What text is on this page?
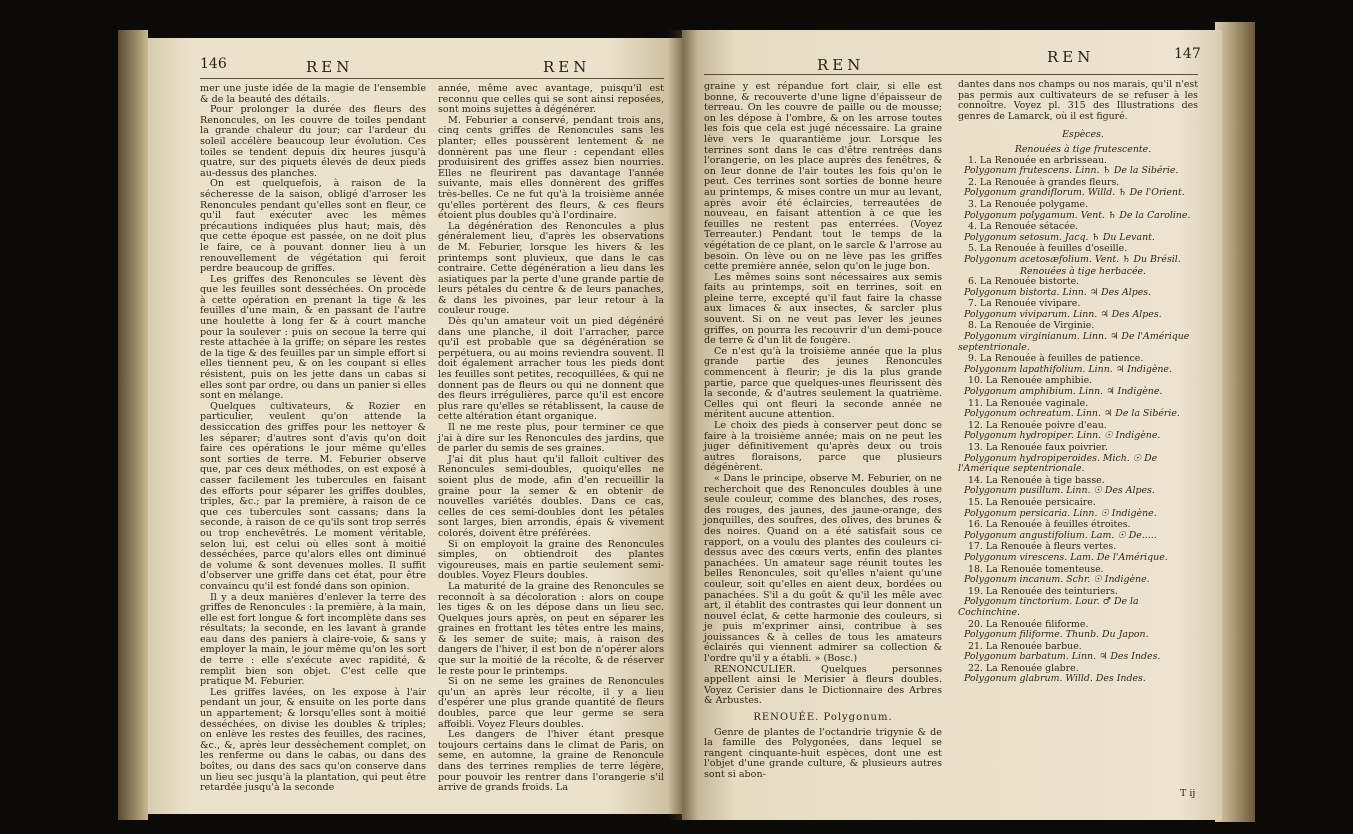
146	REN	REN

mer une juste idée de la magie de l'ensemble & de la beauté des détails.

Pour prolonger la durée des fleurs des Renoncules, on les couvre de toiles pendant la grande chaleur du jour; car l'ardeur du soleil accélère beaucoup leur évolution. Ces toiles se tendent depuis dix heures jusqu'à quatre, sur des piquets élevés de deux pieds au-dessus des planches.

On est quelquefois, à raison de la sécheresse de la saison, obligé d'arroser les Renoncules pendant qu'elles sont en fleur, ce qu'il faut exécuter avec les mêmes précautions indiquées plus haut; mais, dès que cette époque est passée, on ne doit plus le faire, ce à pouvant donner lieu à un renouvellement de végétation qui feroit perdre beaucoup de griffes.

Les griffes des Renoncules se lèvent dès que les feuilles sont desséchées. On procède à cette opération en prenant la tige & les feuilles d'une main, & en passant de l'autre une houlette à long fer & à court manche pour la soulever : puis on secoue la terre qui reste attachée à la griffe; on sépare les restes de la tige & des feuilles par un simple effort si elles tiennent peu, & on les coupant si elles résistent, puis on les jette dans un cabas si elles sont par ordre, ou dans un panier si elles sont en mélange.

Quelques cultivateurs, & Rozier en particulier, veulent qu'on attende la dessiccation des griffes pour les nettoyer & les séparer; d'autres sont d'avis qu'on doit faire ces opérations le jour même qu'elles sont sorties de terre. M. Feburier observe que, par ces deux méthodes, on est exposé à casser facilement les tubercules en faisant des efforts pour séparer les griffes doubles, triples, &c.; par la première, à raison de ce que ces tubercules sont cassans; dans la seconde, à raison de ce qu'ils sont trop serrés ou trop enchevêtrés. Le moment véritable, selon lui, est celui où elles sont à moitié desséchées, parce qu'alors elles ont diminué de volume & sont devenues molles. Il suffit d'observer une griffe dans cet état, pour être convaincu qu'il est fondé dans son opinion.

Il y a deux manières d'enlever la terre des griffes de Renoncules : la première, à la main, elle est fort longue & fort incomplète dans ses résultats; la seconde, en les lavant à grande eau dans des paniers à claire-voie, & sans y employer la main, le jour même qu'on les sort de terre : elle s'exécute avec rapidité, & remplit bien son objet. C'est celle que pratique M. Feburier.

Les griffes lavées, on les expose à l'air pendant un jour, & ensuite on les porte dans un appartement; & lorsqu'elles sont à moitié desséchées, on divise les doubles & triples; on enlève les restes des feuilles, des racines, &c., &, après leur dessèchement complet, on les renferme ou dans le cabas, ou dans des boîtes, ou dans des sacs qu'on conserve dans un lieu sec jusqu'à la plantation, qui peut être retardée jusqu'à la seconde

année, même avec avantage, puisqu'il est reconnu que celles qui se sont ainsi reposées, sont moins sujettes à dégénérer.

M. Feburier a conservé, pendant trois ans, cinq cents griffes de Renoncules sans les planter; elles poussèrent lentement & ne donnèrent pas une fleur : cependant elles produisirent des griffes assez bien nourries. Elles ne fleurirent pas davantage l'année suivante, mais elles donnèrent des griffes très-belles. Ce ne fut qu'à la troisième année qu'elles portèrent des fleurs, & ces fleurs étoient plus doubles qu'à l'ordinaire.

La dégénération des Renoncules a plus généralement lieu, d'après les observations de M. Feburier, lorsque les hivers & les printemps sont pluvieux, que dans le cas contraire. Cette dégénération a lieu dans les asiatiques par la perte d'une grande partie de leurs pétales du centre & de leurs panaches, & dans les pivoines, par leur retour à la couleur rouge.

Dès qu'un amateur voit un pied dégénéré dans une planche, il doit l'arracher, parce qu'il est probable que sa dégénération se perpétuera, ou au moins reviendra souvent. Il doit également arracher tous les pieds dont les feuilles sont petites, recoquillées, & qui ne donnent pas de fleurs ou qui ne donnent que des fleurs irrégulières, parce qu'il est encore plus rare qu'elles se rétablissent, la cause de cette altération étant organique.

Il ne me reste plus, pour terminer ce que j'ai à dire sur les Renoncules des jardins, que de parler du semis de ses graines.

J'ai dit plus haut qu'il falloit cultiver des Renoncules semi-doubles, quoiqu'elles ne soient plus de mode, afin d'en recueillir la graine pour la semer & en obtenir de nouvelles variétés doubles. Dans ce cas, celles de ces semi-doubles dont les pétales sont larges, bien arrondis, épais & vivement colorés, doivent être préférées.

Si on employoit la graine des Renoncules simples, on obtiendroit des plantes vigoureuses, mais en partie seulement semi-doubles. Voyez Fleurs doubles.

La maturité de la graine des Renoncules se reconnoît à sa décoloration : alors on coupe les tiges & on les dépose dans un lieu sec. Quelques jours après, on peut en séparer les graines en frottant les têtes entre les mains, & les semer de suite; mais, à raison des dangers de l'hiver, il est bon de n'opérer alors que sur la moitié de la récolte, & de réserver le reste pour le printemps.

Si on ne seme les graines de Renoncules qu'un an après leur récolte, il y a lieu d'espérer une plus grande quantité de fleurs doubles, parce que leur germe se sera affoibli. Voyez Fleurs doubles.

Les dangers de l'hiver étant presque toujours certains dans le climat de Paris, on seme, en automne, la graine de Renoncule dans des terrines remplies de terre légère, pour pouvoir les rentrer dans l'orangerie s'il arrive de grands froids. La

REN	REN	147

graine y est répandue fort clair, si elle est bonne, & recouverte d'une ligne d'épaisseur de terreau. On les couvre de paille ou de mousse; on les dépose à l'ombre, & on les arrose toutes les fois que cela est jugé nécessaire. La graine lève vers le quarantième jour. Lorsque les terrines sont dans le cas d'être rentrées dans l'orangerie, on les place auprès des fenêtres, & on leur donne de l'air toutes les fois qu'on le peut. Ces terrines sont sorties de bonne heure au printemps, & mises contre un mur au levant, après avoir été éclaircies, terreautées de nouveau, en faisant attention à ce que les feuilles ne restent pas enterrées. (Voyez Terreauter.) Pendant tout le temps de la végétation de ce plant, on le sarcle & l'arrose au besoin. On lève ou on ne lève pas les griffes cette première année, selon qu'on le juge bon.

Les mêmes soins sont nécessaires aux semis faits au printemps, soit en terrines, soit en pleine terre, excepté qu'il faut faire la chasse aux limaces & aux insectes, & sarcler plus souvent. Si on ne veut pas lever les jeunes griffes, on pourra les recouvrir d'un demi-pouce de terre & d'un lit de fougère.

Ce n'est qu'à la troisième année que la plus grande partie des jeunes Renoncules commencent à fleurir; je dis la plus grande partie, parce que quelques-unes fleurissent dès la seconde, & d'autres seulement la quatrième. Celles qui ont fleuri la seconde année ne méritent aucune attention.

Le choix des pieds à conserver peut donc se faire à la troisième année; mais on ne peut les juger définitivement qu'après deux ou trois autres floraisons, parce que plusieurs dégénèrent.

« Dans le principe, observe M. Feburier, on ne recherchoit que des Renoncules doubles à une seule couleur, comme des blanches, des roses, des rouges, des jaunes, des jaune-orange, des jonquilles, des soufres, des olives, des brunes & des noires. Quand on a été satisfait sous ce rapport, on a voulu des plantes des couleurs ci-dessus avec des cœurs verts, enfin des plantes panachées. Un amateur sage réunit toutes les belles Renoncules, soit qu'elles n'aient qu'une couleur, soit qu'elles en aient deux, bordées ou panachées. S'il a du goût & qu'il les mêle avec art, il établit des contrastes qui leur donnent un nouvel éclat, & cette harmonie des couleurs, si je puis m'exprimer ainsi, contribue à ses jouissances & à celles de tous les amateurs éclairés qui viennent admirer sa collection & l'ordre qu'il y a établi. » (Bosc.)

RENONCULIER. Quelques personnes appellent ainsi le Merisier à fleurs doubles. Voyez Cerisier dans le Dictionnaire des Arbres & Arbustes.

RENOUÉE. Polygonum.

Genre de plantes de l'octandrie trigynie & de la famille des Polygonées, dans lequel se rangent cinquante-huit espèces, dont une est l'objet d'une grande culture, & plusieurs autres sont si abon-

dantes dans nos champs ou nos marais, qu'il n'est pas permis aux cultivateurs de se refuser à les connoître. Voyez pl. 315 des Illustrations des genres de Lamarck, où il est figuré.

Espèces.

Renouées à tige frutescente.

1. La Renouée en arbrisseau.

Polygonum frutescens. Linn. ♄ De la Sibérie.

2. La Renouée à grandes fleurs.

Polygonum grandiflorum. Willd. ♄ De l'Orient.

3. La Renouée polygame.

Polygonum polygamum. Vent. ♄ De la Caroline.

4. La Renouée sétacée.

Polygonum setosum. Jacq. ♄ Du Levant.

5. La Renouée à feuilles d'oseille.

Polygonum acetosæfolium. Vent. ♄ Du Brésil.

Renouées à tige herbacée.

6. La Renouée bistorte.

Polygonum bistorta. Linn. ♃ Des Alpes.

7. La Renouée vivipare.

Polygonum viviparum. Linn. ♃ Des Alpes.

8. La Renouée de Virginie.

Polygonum virginianum. Linn. ♃ De l'Amérique septentrionale.

9. La Renouée à feuilles de patience.

Polygonum lapathifolium. Linn. ♃ Indigène.

10. La Renouée amphibie.

Polygonum amphibium. Linn. ♃ Indigène.

11. La Renouée vaginale.

Polygonum ochreatum. Linn. ♃ De la Sibérie.

12. La Renouée poivre d'eau.

Polygonum hydropiper. Linn. ☉ Indigène.

13. La Renouée faux poivrier.

Polygonum hydropiperoides. Mich. ☉ De l'Amérique septentrionale.

14. La Renouée à tige basse.

Polygonum pusillum. Linn. ☉ Des Alpes.

15. La Renouée persicaire.

Polygonum persicaria. Linn. ☉ Indigène.

16. La Renouée à feuilles étroites.

Polygonum angustifolium. Lam. ☉ De.....

17. La Renouée à fleurs vertes.

Polygonum virescens. Lam. De l'Amérique.

18. La Renouée tomenteuse.

Polygonum incanum. Schr. ☉ Indigène.

19. La Renouée des teinturiers.

Polygonum tinctorium. Lour. ♂ De la Cochinchine.

20. La Renouée filiforme.

Polygonum filiforme. Thunb. Du Japon.

21. La Renouée barbue.

Polygonum barbatum. Linn. ♃ Des Indes.

22. La Renouée glabre.

Polygonum glabrum. Willd. Des Indes.

T ij
